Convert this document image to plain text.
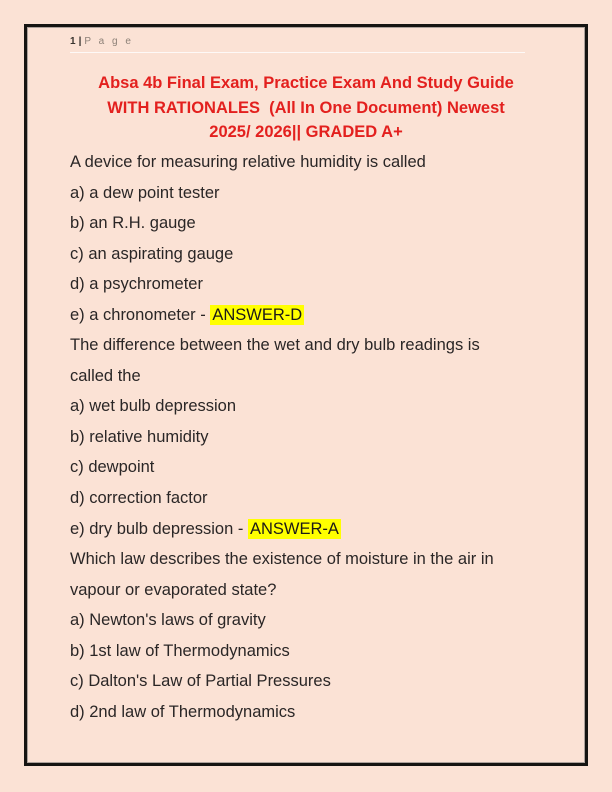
1 | P a g e
Absa 4b Final Exam, Practice Exam And Study Guide
WITH RATIONALES  (All In One Document) Newest
2025/ 2026|| GRADED A+
A device for measuring relative humidity is called
a) a dew point tester
b) an R.H. gauge
c) an aspirating gauge
d) a psychrometer
e) a chronometer - ANSWER-D
The difference between the wet and dry bulb readings is
called the
a) wet bulb depression
b) relative humidity
c) dewpoint
d) correction factor
e) dry bulb depression - ANSWER-A
Which law describes the existence of moisture in the air in
vapour or evaporated state?
a) Newton's laws of gravity
b) 1st law of Thermodynamics
c) Dalton's Law of Partial Pressures
d) 2nd law of Thermodynamics
